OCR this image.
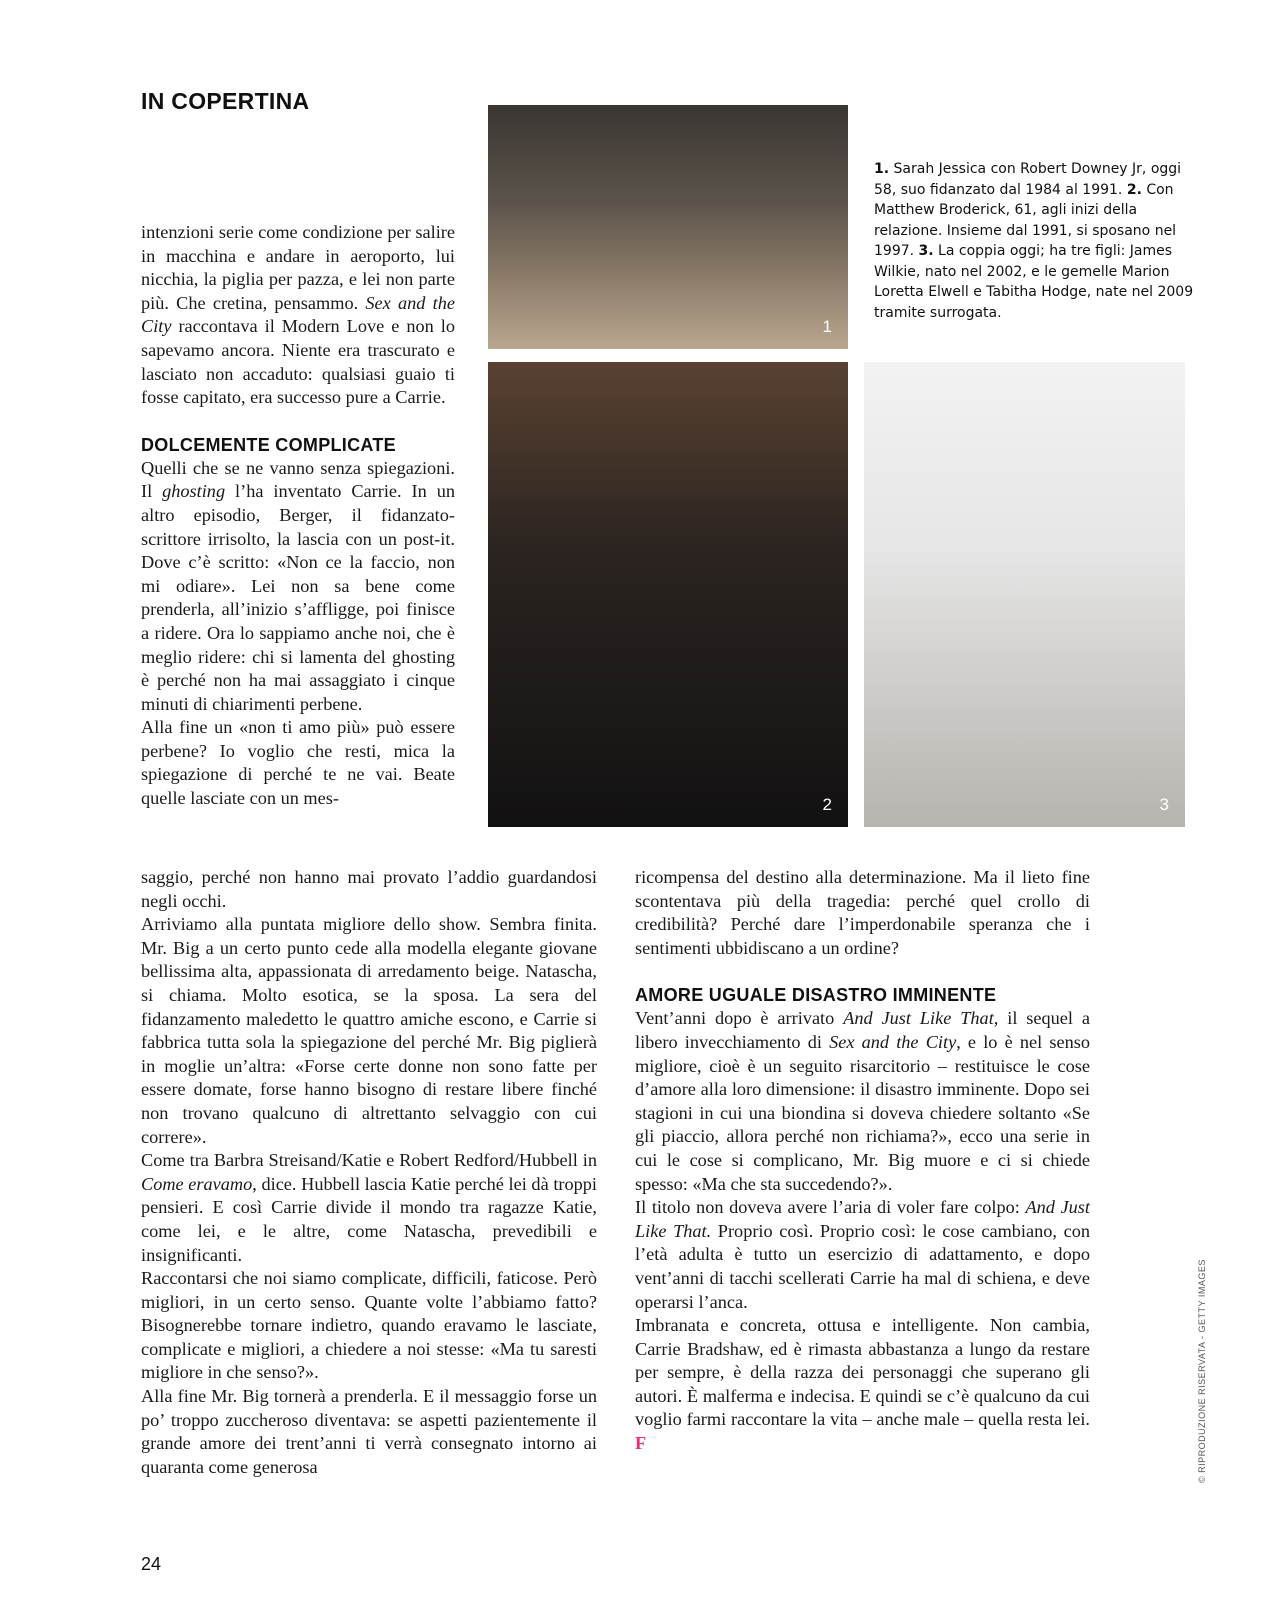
IN COPERTINA

intenzioni serie come condizione per salire in macchina e andare in aeroporto, lui nicchia, la piglia per pazza, e lei non parte più. Che cretina, pensammo. Sex and the City raccontava il Modern Love e non lo sapevamo ancora. Niente era trascurato e lasciato non accaduto: qualsiasi guaio ti fosse capitato, era successo pure a Carrie.

DOLCEMENTE COMPLICATE

Quelli che se ne vanno senza spiegazioni. Il ghosting l’ha inventato Carrie. In un altro episodio, Berger, il fidanzato-scrittore irrisolto, la lascia con un post-it. Dove c’è scritto: «Non ce la faccio, non mi odiare». Lei non sa bene come prenderla, all’inizio s’affligge, poi finisce a ridere. Ora lo sappiamo anche noi, che è meglio ridere: chi si lamenta del ghosting è perché non ha mai assaggiato i cinque minuti di chiarimenti perbene.

Alla fine un «non ti amo più» può essere perbene? Io voglio che resti, mica la spiegazione di perché te ne vai. Beate quelle lasciate con un mes-

1
2	3
1. Sarah Jessica con Robert Downey Jr, oggi 58, suo fidanzato dal 1984 al 1991. 2. Con Matthew Broderick, 61, agli inizi della relazione. Insieme dal 1991, si sposano nel 1997. 3. La coppia oggi; ha tre figli: James Wilkie, nato nel 2002, e le gemelle Marion Loretta Elwell e Tabitha Hodge, nate nel 2009 tramite surrogata.

saggio, perché non hanno mai provato l’addio guardandosi negli occhi.

Arriviamo alla puntata migliore dello show. Sembra finita. Mr. Big a un certo punto cede alla modella elegante giovane bellissima alta, appassionata di arredamento beige. Natascha, si chiama. Molto esotica, se la sposa. La sera del fidanzamento maledetto le quattro amiche escono, e Carrie si fabbrica tutta sola la spiegazione del perché Mr. Big piglierà in moglie un’altra: «Forse certe donne non sono fatte per essere domate, forse hanno bisogno di restare libere finché non trovano qualcuno di altrettanto selvaggio con cui correre».

Come tra Barbra Streisand/Katie e Robert Redford/Hubbell in Come eravamo, dice. Hubbell lascia Katie perché lei dà troppi pensieri. E così Carrie divide il mondo tra ragazze Katie, come lei, e le altre, come Natascha, prevedibili e insignificanti.

Raccontarsi che noi siamo complicate, difficili, faticose. Però migliori, in un certo senso. Quante volte l’abbiamo fatto? Bisognerebbe tornare indietro, quando eravamo le lasciate, complicate e migliori, a chiedere a noi stesse: «Ma tu saresti migliore in che senso?».

Alla fine Mr. Big tornerà a prenderla. E il messaggio forse un po’ troppo zuccheroso diventava: se aspetti pazientemente il grande amore dei trent’anni ti verrà consegnato intorno ai quaranta come generosa

ricompensa del destino alla determinazione. Ma il lieto fine scontentava più della tragedia: perché quel crollo di credibilità? Perché dare l’imperdonabile speranza che i sentimenti ubbidiscano a un ordine?

AMORE UGUALE DISASTRO IMMINENTE

Vent’anni dopo è arrivato And Just Like That, il sequel a libero invecchiamento di Sex and the City, e lo è nel senso migliore, cioè è un seguito risarcitorio – restituisce le cose d’amore alla loro dimensione: il disastro imminente. Dopo sei stagioni in cui una biondina si doveva chiedere soltanto «Se gli piaccio, allora perché non richiama?», ecco una serie in cui le cose si complicano, Mr. Big muore e ci si chiede spesso: «Ma che sta succedendo?».

Il titolo non doveva avere l’aria di voler fare colpo: And Just Like That. Proprio così. Proprio così: le cose cambiano, con l’età adulta è tutto un esercizio di adattamento, e dopo vent’anni di tacchi scellerati Carrie ha mal di schiena, e deve operarsi l’anca.

Imbranata e concreta, ottusa e intelligente. Non cambia, Carrie Bradshaw, ed è rimasta abbastanza a lungo da restare per sempre, è della razza dei personaggi che superano gli autori. È malferma e indecisa. E quindi se c’è qualcuno da cui voglio farmi raccontare la vita – anche male – quella resta lei. F	© RIPRODUZIONE RISERVATA - GETTY IMAGES
24
